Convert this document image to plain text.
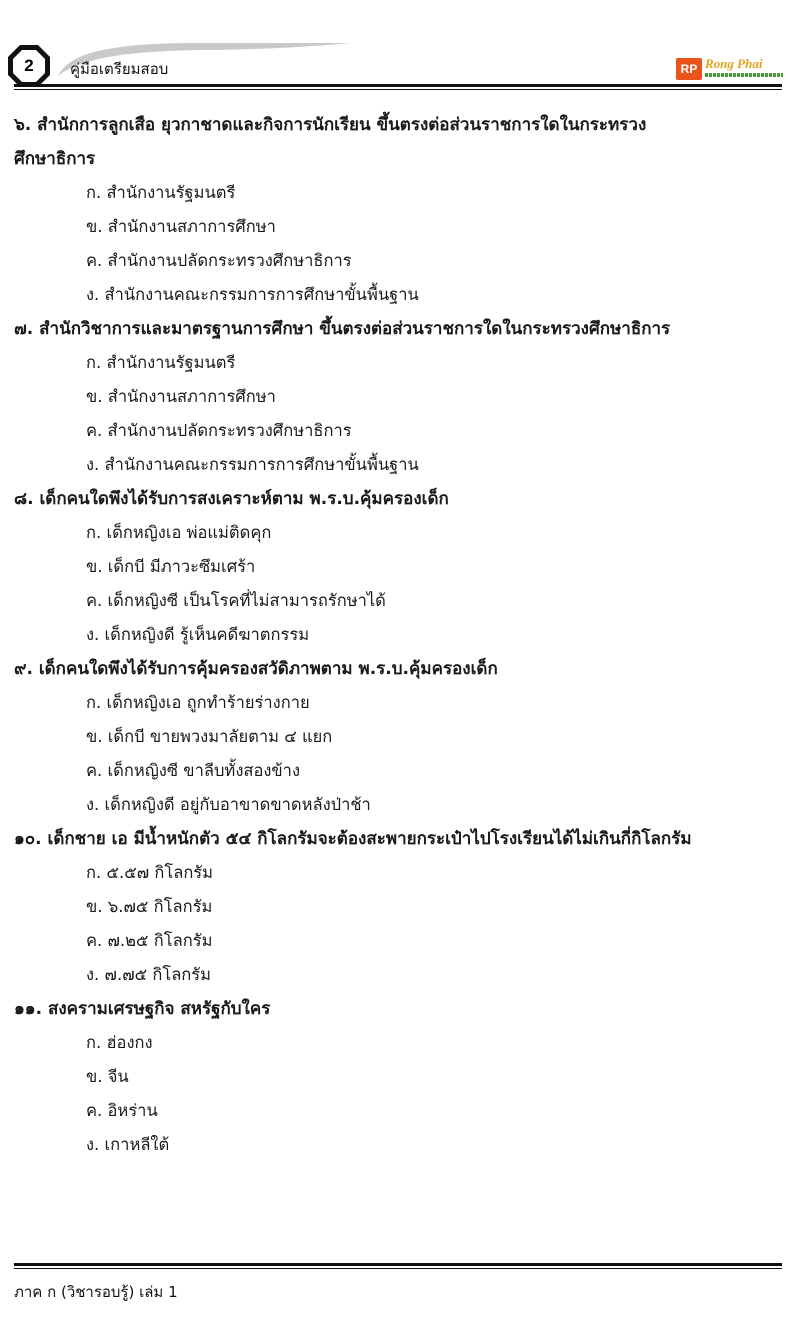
2	คู่มือเตรียมสอบ	RP Rong Phai

๖. สำนักการลูกเสือ ยุวกาชาดและกิจการนักเรียน ขึ้นตรงต่อส่วนราชการใดในกระทรวงศึกษาธิการ

ก. สำนักงานรัฐมนตรี
ข. สำนักงานสภาการศึกษา
ค. สำนักงานปลัดกระทรวงศึกษาธิการ
ง. สำนักงานคณะกรรมการการศึกษาขั้นพื้นฐาน

๗. สำนักวิชาการและมาตรฐานการศึกษา ขึ้นตรงต่อส่วนราชการใดในกระทรวงศึกษาธิการ

ก. สำนักงานรัฐมนตรี
ข. สำนักงานสภาการศึกษา
ค. สำนักงานปลัดกระทรวงศึกษาธิการ
ง. สำนักงานคณะกรรมการการศึกษาขั้นพื้นฐาน

๘. เด็กคนใดพึงได้รับการสงเคราะห์ตาม พ.ร.บ.คุ้มครองเด็ก

ก. เด็กหญิงเอ พ่อแม่ติดคุก
ข. เด็กบี มีภาวะซึมเศร้า
ค. เด็กหญิงซี เป็นโรคที่ไม่สามารถรักษาได้
ง. เด็กหญิงดี รู้เห็นคดีฆาตกรรม

๙. เด็กคนใดพึงได้รับการคุ้มครองสวัดิภาพตาม พ.ร.บ.คุ้มครองเด็ก

ก. เด็กหญิงเอ ถูกทำร้ายร่างกาย
ข. เด็กบี ขายพวงมาลัยตาม ๔ แยก
ค. เด็กหญิงซี ขาลีบทั้งสองข้าง
ง. เด็กหญิงดี อยู่กับอาขาดขาดหลังป่าช้า

๑๐. เด็กชาย เอ มีน้ำหนักตัว ๕๔ กิโลกรัมจะต้องสะพายกระเป๋าไปโรงเรียนได้ไม่เกินกี่กิโลกรัม

ก. ๕.๕๗ กิโลกรัม
ข. ๖.๗๕ กิโลกรัม
ค. ๗.๒๕ กิโลกรัม
ง. ๗.๗๕ กิโลกรัม

๑๑. สงครามเศรษฐกิจ สหรัฐกับใคร

ก. ฮ่องกง
ข. จีน
ค. อิหร่าน
ง. เกาหลีใต้
ภาค ก (วิชารอบรู้) เล่ม 1
